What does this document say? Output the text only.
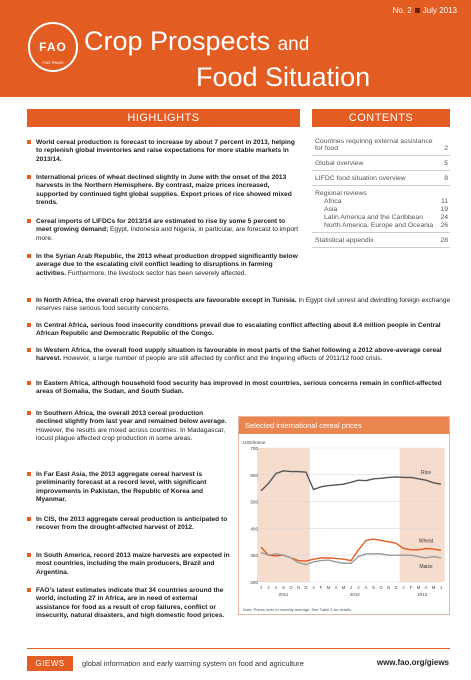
No. 2 July 2013
FAO
FIAT PANIS
Crop Prospects and
Food Situation
HIGHLIGHTS	CONTENTS
World cereal production is forecast to increase by about 7 percent in 2013, helping to replenish global inventories and raise expectations for more stable markets in 2013/14.
International prices of wheat declined slightly in June with the onset of the 2013 harvests in the Northern Hemisphere. By contrast, maize prices increased, supported by continued tight global supplies. Export prices of rice showed mixed trends.
Cereal imports of LIFDCs for 2013/14 are estimated to rise by some 5 percent to meet growing demand; Egypt, Indonesia and Nigeria, in particular, are forecast to import more.
In the Syrian Arab Republic, the 2013 wheat production dropped significantly below average due to the escalating civil conflict leading to disruptions in farming activities. Furthermore, the livestock sector has been severely affected.
In North Africa, the overall crop harvest prospects are favourable except in Tunisia. In Egypt civil unrest and dwindling foreign exchange reserves raise serious food security concerns.
In Central Africa, serious food insecurity conditions prevail due to escalating conflict affecting about 8.4 million people in Central African Republic and Democratic Republic of the Congo.
In Western Africa, the overall food supply situation is favourable in most parts of the Sahel following a 2012 above-average cereal harvest. However, a large number of people are still affected by conflict and the lingering effects of 2011/12 food crisis.
In Eastern Africa, although household food security has improved in most countries, serious concerns remain in conflict-affected areas of Somalia, the Sudan, and South Sudan.
In Southern Africa, the overall 2013 cereal production declined slightly from last year and remained below average. However, the results are mixed across countries. In Madagascar, locust plague affected crop production in some areas.
In Far East Asia, the 2013 aggregate cereal harvest is preliminarily forecast at a record level, with significant improvements in Pakistan, the Republic of Korea and Myanmar.
In CIS, the 2013 aggregate cereal production is anticipated to recover from the drought-affected harvest of 2012.
In South America, record 2013 maize harvests are expected in most countries, including the main producers, Brazil and Argentina.
FAO’s latest estimates indicate that 34 countries around the world, including 27 in Africa, are in need of external assistance for food as a result of crop failures, conflict or insecurity, natural disasters, and high domestic food prices.
Countries requiring external assistance for food	2
Global overview	5
LIFDC food situation overview	8
Regional reviews
Africa	11
Asia	19
Latin America and the Caribbean	24
North America, Europe and Oceania 26
Statistical appendix	28
Selected international cereal prices
200
300
400
500
600
700
USD/tonne
Rice
Wheat
Maize
J J A S O N D J F M A M J J A S O N D J F M A M J
2011	2012	2013
Note: Prices refer to monthly average. See Table 3 for details.
GIEWS	global information and early warning system on food and agriculture	www.fao.org/giews
